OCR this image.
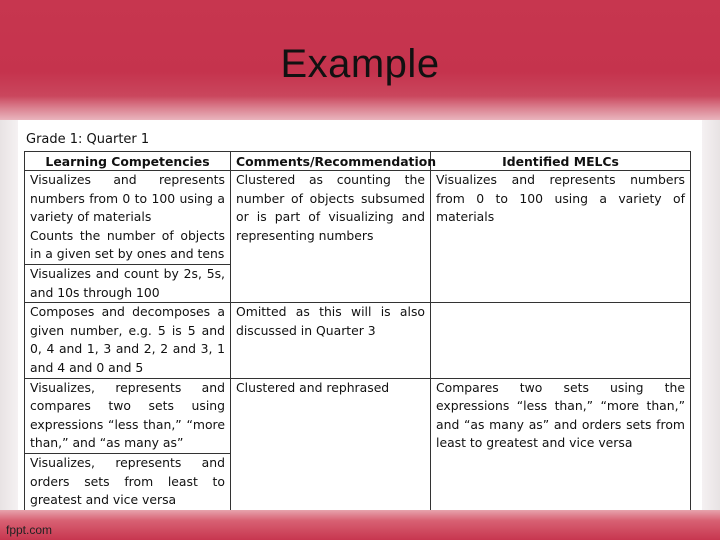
Example
Grade 1: Quarter 1
Learning Competencies	Comments/Recommendation	Identified MELCs

Visualizes and represents numbers from 0 to 100 using a variety of materials
Counts the number of objects in a given set by ones and tens
Visualizes and count by 2s, 5s, and 10s through 100	Clustered as counting the number of objects subsumed or is part of visualizing and representing numbers	Visualizes and represents numbers from 0 to 100 using a variety of materials

Composes and decomposes a given number, e.g. 5 is 5 and 0, 4 and 1, 3 and 2, 2 and 3, 1 and 4 and 0 and 5	Omitted as this will is also discussed in Quarter 3	

Visualizes, represents and compares two sets using expressions “less than,” “more than,” and “as many as”
Visualizes, represents and orders sets from least to greatest and vice versa	Clustered and rephrased	Compares two sets using the expressions “less than,” “more than,” and “as many as” and orders sets from least to greatest and vice versa
fppt.com
